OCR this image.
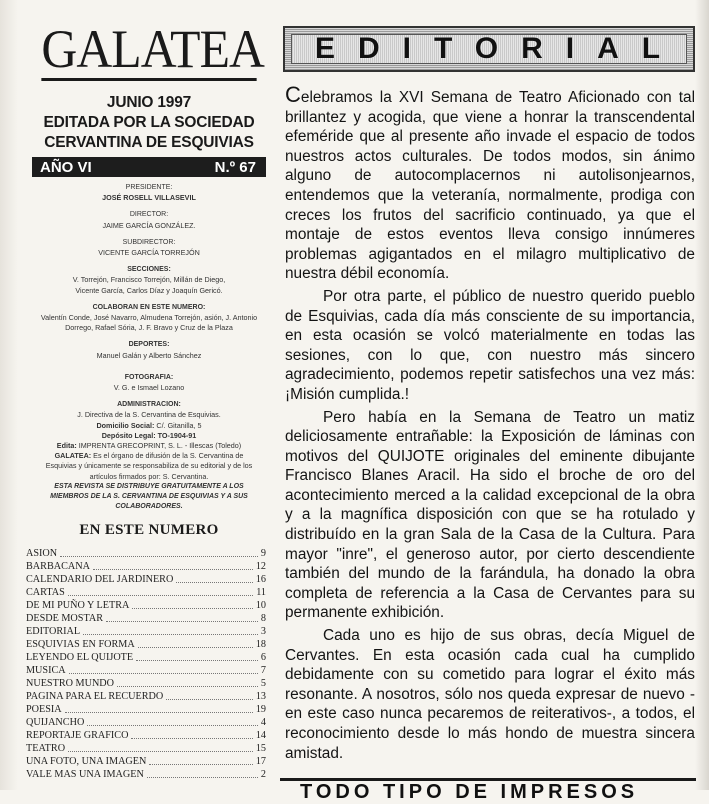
GALATEA
JUNIO 1997
EDITADA POR LA SOCIEDAD
CERVANTINA DE ESQUIVIAS
AÑO VI	N.º 67
PRESIDENTE:
JOSÉ ROSELL VILLASEVIL
DIRECTOR:
JAIME GARCÍA GONZÁLEZ.
SUBDIRECTOR:
VICENTE GARCÍA TORREJÓN
SECCIONES:
V. Torrejón, Francisco Torrejón, Millán de Diego,
Vicente García, Carlos Díaz y Joaquín Gericó.
COLABORAN EN ESTE NUMERO:
Valentín Conde, José Navarro, Almudena Torrejón, asión, J. Antonio
Dorrego, Rafael Sória, J. F. Bravo y Cruz de la Plaza
DEPORTES:
Manuel Galán y Alberto Sánchez
FOTOGRAFIA:
V. G. e Ismael Lozano
ADMINISTRACION:
J. Directiva de la S. Cervantina de Esquivias.
Domicilio Social: C/. Gitanilla, 5
Depósito Legal: TO-1904-91
Edita: IMPRENTA GRECOPRINT, S. L. - Illescas (Toledo)
GALATEA: Es el órgano de difusión de la S. Cervantina de
Esquivias y únicamente se responsabiliza de su editorial y de los
artículos firmados por: S. Cervantina.
ESTA REVISTA SE DISTRIBUYE GRATUITAMENTE A LOS
MIEMBROS DE LA S. CERVANTINA DE ESQUIVIAS Y A SUS
COLABORADORES.
EN ESTE NUMERO
ASION	9
BARBACANA	12
CALENDARIO DEL JARDINERO	16
CARTAS	11
DE MI PUÑO Y LETRA	10
DESDE MOSTAR	8
EDITORIAL	3
ESQUIVIAS EN FORMA	18
LEYENDO EL QUIJOTE	6
MUSICA	7
NUESTRO MUNDO	5
PAGINA PARA EL RECUERDO	13
POESIA	19
QUIJANCHO	4
REPORTAJE GRAFICO	14
TEATRO	15
UNA FOTO, UNA IMAGEN	17
VALE MAS UNA IMAGEN	2
EDITORIAL

Celebramos la XVI Semana de Teatro Aficionado con tal brillantez y acogida, que viene a honrar la transcendental efeméride que al presente año invade el espacio de todos nuestros actos culturales. De todos modos, sin ánimo alguno de autocomplacernos ni autolisonjearnos, entendemos que la veteranía, normalmente, prodiga con creces los frutos del sacrificio continuado, ya que el montaje de estos eventos lleva consigo innúmeres problemas agigantados en el milagro multiplicativo de nuestra débil economía.

Por otra parte, el público de nuestro querido pueblo de Esquivias, cada día más consciente de su importancia, en esta ocasión se volcó materialmente en todas las sesiones, con lo que, con nuestro más sincero agradecimiento, podemos repetir satisfechos una vez más: ¡Misión cumplida.!

Pero había en la Semana de Teatro un matiz deliciosamente entrañable: la Exposición de láminas con motivos del QUIJOTE originales del eminente dibujante Francisco Blanes Aracil. Ha sido el broche de oro del acontecimiento merced a la calidad excepcional de la obra y a la magnífica disposición con que se ha rotulado y distribuído en la gran Sala de la Casa de la Cultura. Para mayor "inre", el generoso autor, por cierto descendiente también del mundo de la farándula, ha donado la obra completa de referencia a la Casa de Cervantes para su permanente exhibición.

Cada uno es hijo de sus obras, decía Miguel de Cervantes. En esta ocasión cada cual ha cumplido debidamente con su cometido para lograr el éxito más resonante. A nosotros, sólo nos queda expresar de nuevo -en este caso nunca pecaremos de reiterativos-, a todos, el reconocimiento desde lo más hondo de muestra sincera amistad.

TODO TIPO DE IMPRESOS
